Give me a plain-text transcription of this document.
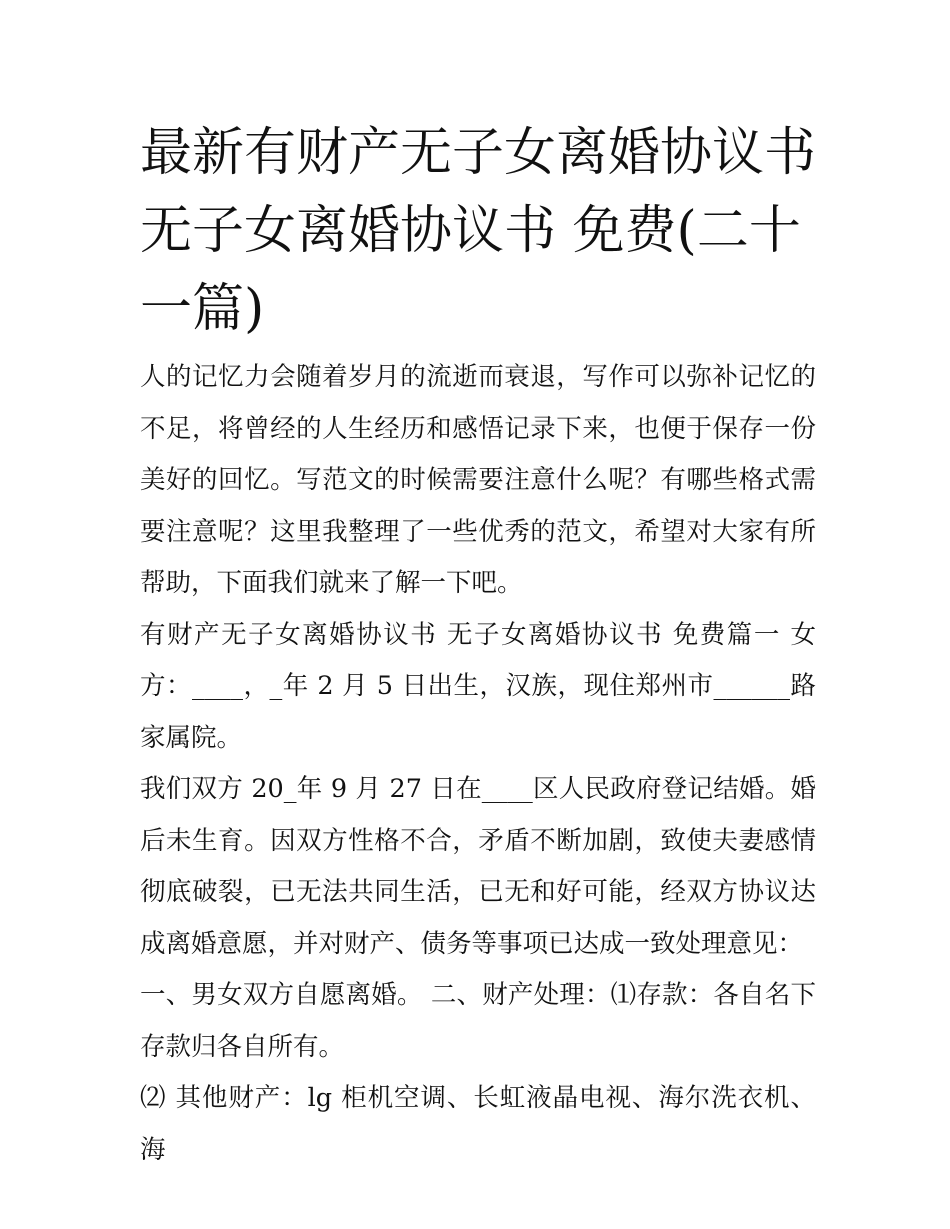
最新有财产无子女离婚协议书 无子女离婚协议书 免费(二十一篇)

人的记忆力会随着岁月的流逝而衰退，写作可以弥补记忆的不足，将曾经的人生经历和感悟记录下来，也便于保存一份美好的回忆。写范文的时候需要注意什么呢？有哪些格式需要注意呢？这里我整理了一些优秀的范文，希望对大家有所帮助，下面我们就来了解一下吧。

有财产无子女离婚协议书 无子女离婚协议书 免费篇一 女方：____，_年 2 月 5 日出生，汉族，现住郑州市______路家属院。

我们双方 20_年 9 月 27 日在____区人民政府登记结婚。婚后未生育。因双方性格不合，矛盾不断加剧，致使夫妻感情彻底破裂，已无法共同生活，已无和好可能，经双方协议达成离婚意愿，并对财产、债务等事项已达成一致处理意见：

一、男女双方自愿离婚。 二、财产处理：⑴存款：各自名下存款归各自所有。

⑵ 其他财产：lg 柜机空调、长虹液晶电视、海尔洗衣机、海
